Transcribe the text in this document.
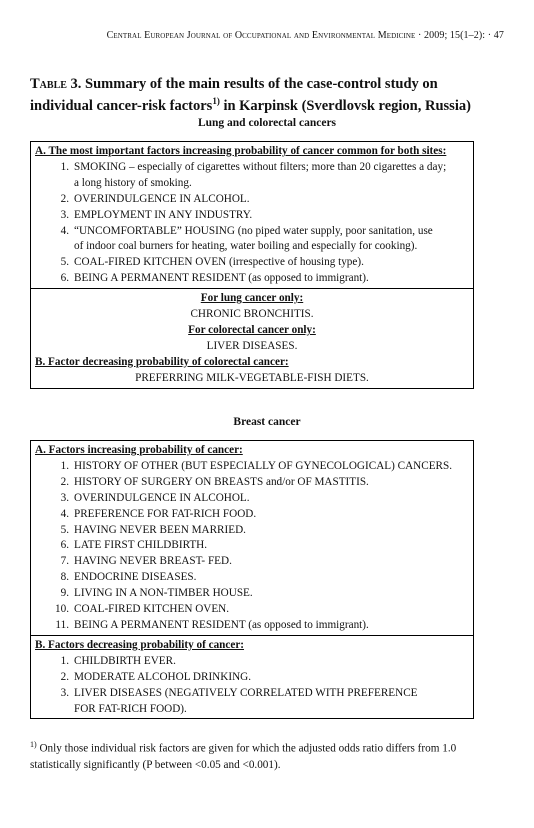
Central European Journal of Occupational and Environmental Medicine · 2009; 15(1–2): · 47
Table 3. Summary of the main results of the case-control study on individual cancer-risk factors$^{1)}$ in Karpinsk (Sverdlovsk region, Russia)
Lung and colorectal cancers
A. The most important factors increasing probability of cancer common for both sites:
1. SMOKING – especially of cigarettes without filters; more than 20 cigarettes a day;
a long history of smoking.
2. OVERINDULGENCE IN ALCOHOL.
3. EMPLOYMENT IN ANY INDUSTRY.
4. “UNCOMFORTABLE” HOUSING (no piped water supply, poor sanitation, use
of indoor coal burners for heating, water boiling and especially for cooking).
5. COAL-FIRED KITCHEN OVEN (irrespective of housing type).
6. BEING A PERMANENT RESIDENT (as opposed to immigrant).
For lung cancer only:
CHRONIC BRONCHITIS.
For colorectal cancer only:
LIVER DISEASES.
B. Factor decreasing probability of colorectal cancer:
PREFERRING MILK-VEGETABLE-FISH DIETS.
Breast cancer
A. Factors increasing probability of cancer:
1. HISTORY OF OTHER (BUT ESPECIALLY OF GYNECOLOGICAL) CANCERS.
2. HISTORY OF SURGERY ON BREASTS and/or OF MASTITIS.
3. OVERINDULGENCE IN ALCOHOL.
4. PREFERENCE FOR FAT-RICH FOOD.
5. HAVING NEVER BEEN MARRIED.
6. LATE FIRST CHILDBIRTH.
7. HAVING NEVER BREAST- FED.
8. ENDOCRINE DISEASES.
9. LIVING IN A NON-TIMBER HOUSE.
10. COAL-FIRED KITCHEN OVEN.
11. BEING A PERMANENT RESIDENT (as opposed to immigrant).
B. Factors decreasing probability of cancer:
1. CHILDBIRTH EVER.
2. MODERATE ALCOHOL DRINKING.
3. LIVER DISEASES (NEGATIVELY CORRELATED WITH PREFERENCE
FOR FAT-RICH FOOD).
$^{1)}$ Only those individual risk factors are given for which the adjusted odds ratio differs from 1.0 statistically significantly (P between <0.05 and <0.001).
